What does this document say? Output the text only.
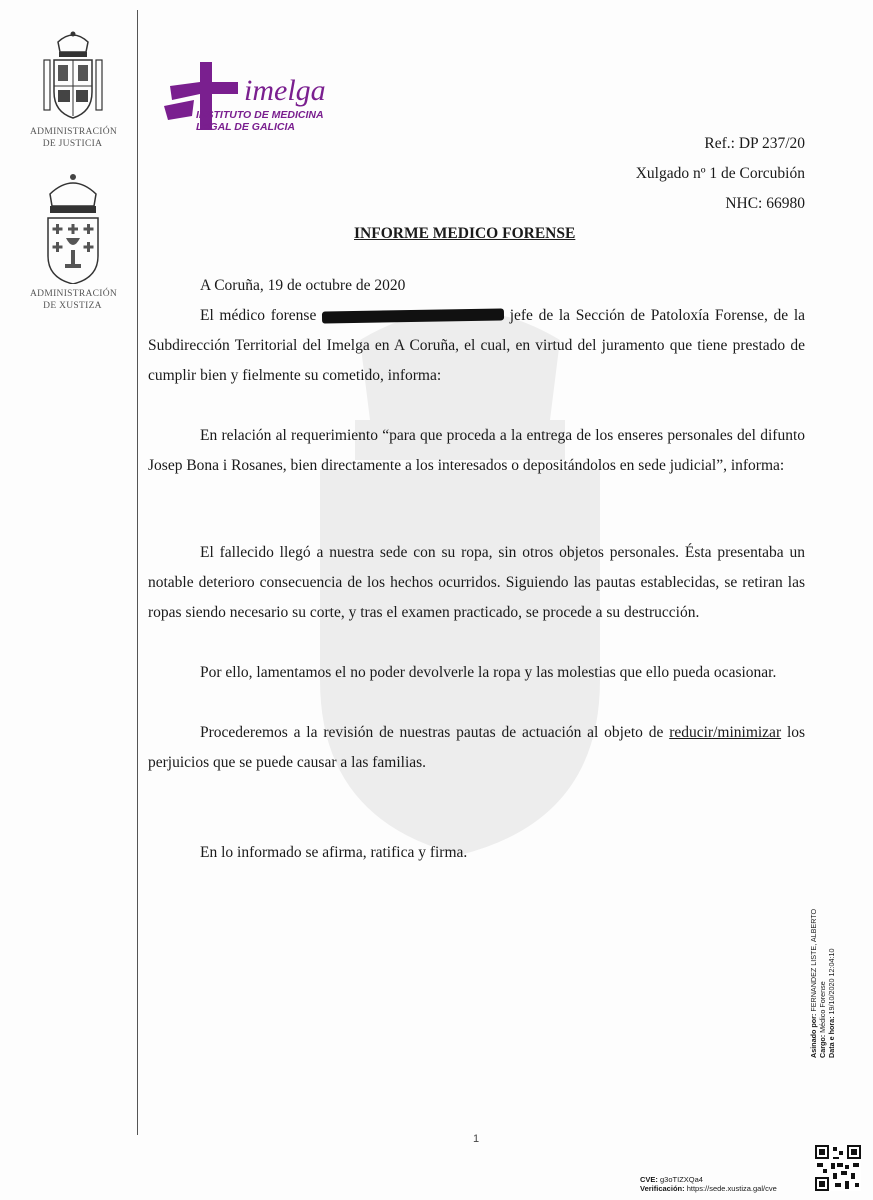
ADMINISTRACIÓN
DE JUSTICIA
ADMINISTRACIÓN
DE XUSTIZA
imelga
INSTITUTO DE MEDICINA
LEGAL DE GALICIA
Ref.: DP 237/20
Xulgado nº 1 de Corcubión
NHC: 66980
INFORME MEDICO FORENSE
A Coruña, 19 de octubre de 2020
El médico forense	jefe de la Sección de Patoloxía Forense, de la Subdirección Territorial del Imelga en A Coruña, el cual, en virtud del juramento que tiene prestado de cumplir bien y fielmente su cometido, informa:
En relación al requerimiento “para que proceda a la entrega de los enseres personales del difunto Josep Bona i Rosanes, bien directamente a los interesados o depositándolos en sede judicial”, informa:
El fallecido llegó a nuestra sede con su ropa, sin otros objetos personales. Ésta presentaba un notable deterioro consecuencia de los hechos ocurridos. Siguiendo las pautas establecidas, se retiran las ropas siendo necesario su corte, y tras el examen practicado, se procede a su destrucción.
Por ello, lamentamos el no poder devolverle la ropa y las molestias que ello pueda ocasionar.
Procederemos a la revisión de nuestras pautas de actuación al objeto de reducir/minimizar los perjuicios que se puede causar a las familias.
En lo informado se afirma, ratifica y firma.
Asinado por: FERNANDEZ LISTE, ALBERTO
Cargo: Médico Forense
Data e hora: 19/10/2020 12:04:10
1
CVE: g3oTIZXQa4
Verificación: https://sede.xustiza.gal/cve
